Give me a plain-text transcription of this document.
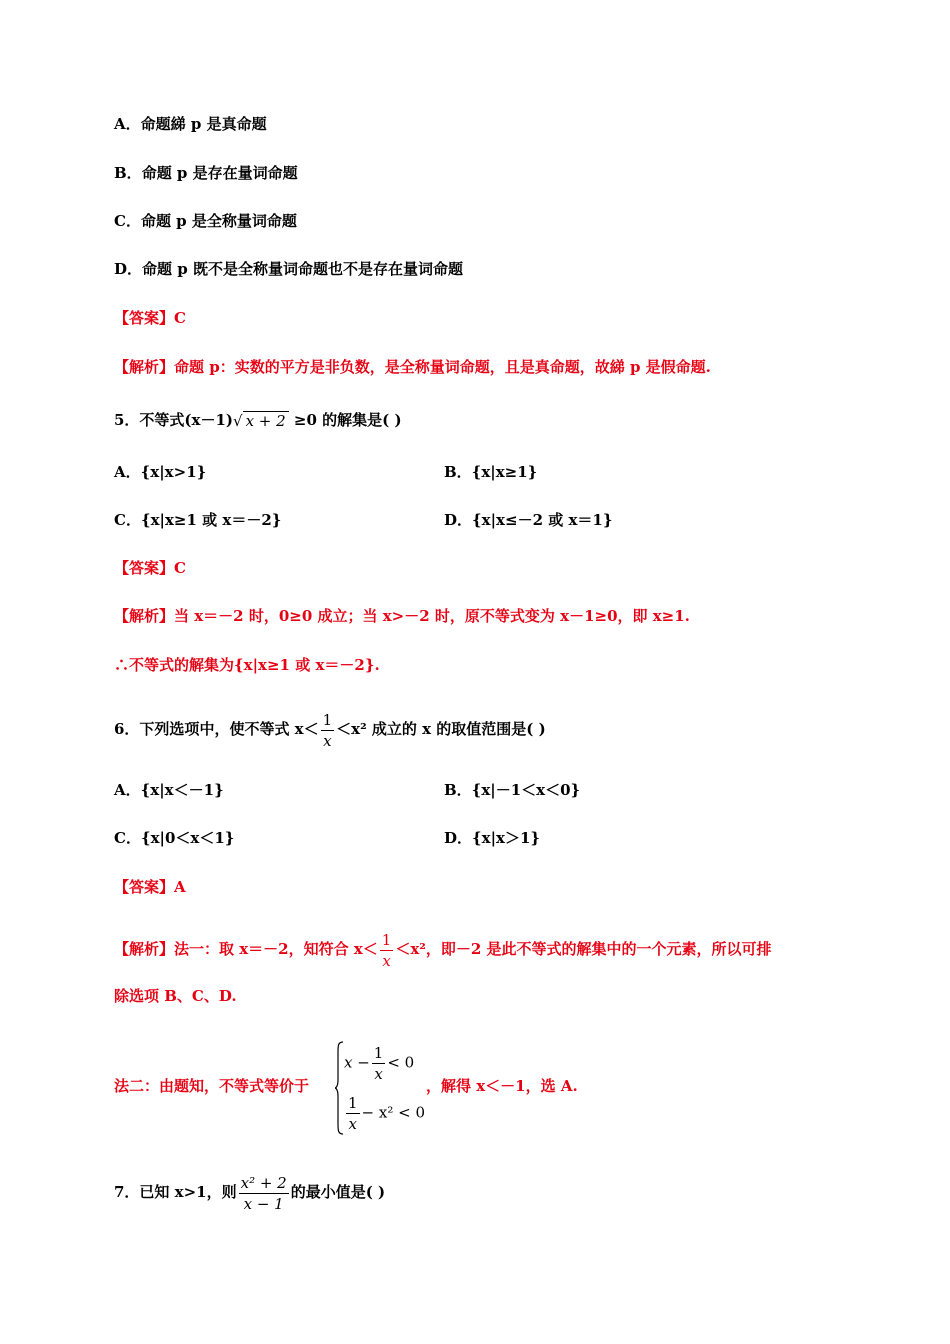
A．命题綈 p 是真命题
B．命题 p 是存在量词命题
C．命题 p 是全称量词命题
D．命题 p 既不是全称量词命题也不是存在量词命题
【答案】C
【解析】命题 p：实数的平方是非负数，是全称量词命题，且是真命题，故綈 p 是假命题.
5．不等式(x－1)√ x + 2 ≥0 的解集是( )
A．{x|x>1}	B．{x|x≥1}
C．{x|x≥1 或 x＝－2}	D．{x|x≤－2 或 x＝1}
【答案】C
【解析】当 x＝－2 时，0≥0 成立；当 x>－2 时，原不等式变为 x－1≥0，即 x≥1.
∴不等式的解集为{x|x≥1 或 x＝－2}.
6．下列选项中，使不等式 $x< \frac{1}{x} <x^2$ 成立的 x 的取值范围是( )
A．{x|x＜－1}	B．{x|－1＜x＜0}
C．{x|0＜x＜1}	D．{x|x＞1}
【答案】A
【解析】法一：取 x＝－2，知符合 $x< \frac{1}{x} <x^2$，即－2 是此不等式的解集中的一个元素，所以可排
除选项 B、C、D.
法二：由题知，不等式等价于
$x - \frac{1}{x} < 0$
$\frac{1}{x} - x^2 < 0$
，解得 x＜－1，选 A.
7．已知 x>1，则 $\frac{\text{x² + 2}}{x - 1}$ 的最小值是( )
